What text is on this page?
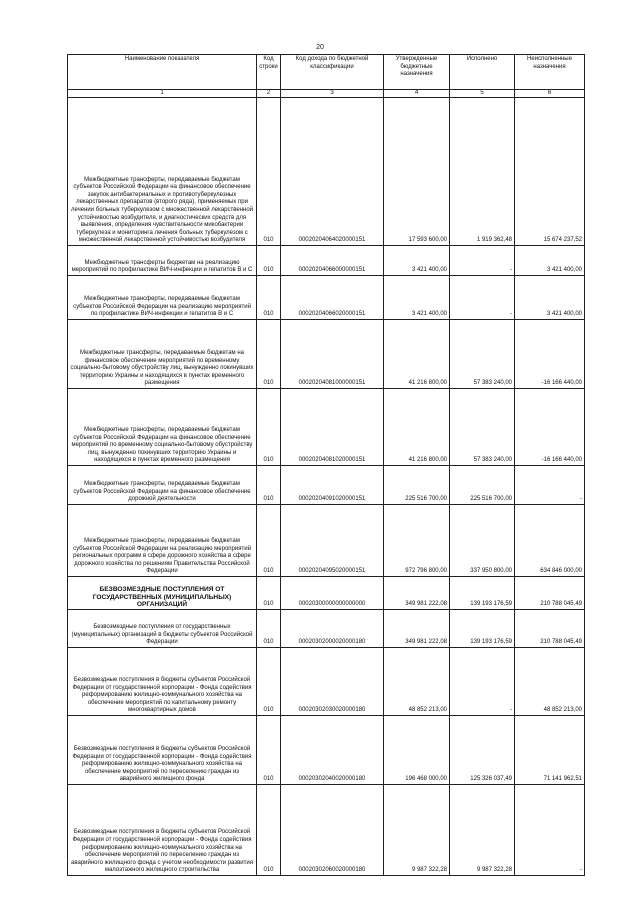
20
Наименование показателя	Код строки	Код дохода по бюджетной классификации	Утвержденные бюджетные назначения	Исполнено	Неисполненные назначения
1	2	3	4	5	6
Межбюджетные трансферты, передаваемые бюджетам субъектов Российской Федерации на финансовое обеспечение закупок антибактериальных и противотуберкулезных лекарственных препаратов (второго ряда), применяемых при лечении больных туберкулезом с множественной лекарственной устойчивостью возбудителя, и диагностических средств для выявления, определения чувствительности микобактерии туберкулеза и мониторинга лечения больных туберкулезом с множественной лекарственной устойчивостью возбудителя	010	00020204064020000151	17 593 600,00	1 919 362,48	15 674 237,52
Межбюджетные трансферты бюджетам на реализацию мероприятий по профилактике ВИЧ-инфекции и гепатитов B и C	010	00020204066000000151	3 421 400,00	-	3 421 400,00
Межбюджетные трансферты, передаваемые бюджетам субъектов Российской Федерации на реализацию мероприятий по профилактике ВИЧ-инфекции и гепатитов B и C	010	00020204066020000151	3 421 400,00	-	3 421 400,00
Межбюджетные трансферты, передаваемые бюджетам на финансовое обеспечение мероприятий по временному социально-бытовому обустройству лиц, вынужденно покинувших территорию Украины и находящихся в пунктах временного размещения	010	00020204081000000151	41 216 800,00	57 383 240,00	-16 166 440,00
Межбюджетные трансферты, передаваемые бюджетам субъектов Российской Федерации на финансовое обеспечение мероприятий по временному социально-бытовому обустройству лиц, вынужденно покинувших территорию Украины и находящихся в пунктах временного размещения	010	00020204081020000151	41 216 800,00	57 383 240,00	-16 166 440,00
Межбюджетные трансферты, передаваемые бюджетам субъектов Российской Федерации на финансовое обеспечение дорожной деятельности	010	00020204091020000151	225 516 700,00	225 516 700,00	-
Межбюджетные трансферты, передаваемые бюджетам субъектов Российской Федерации на реализацию мероприятий региональных программ в сфере дорожного хозяйства в сфере дорожного хозяйства по решениям Правительства Российской Федерации	010	00020204095020000151	972 796 800,00	337 950 800,00	634 846 000,00
БЕЗВОЗМЕЗДНЫЕ ПОСТУПЛЕНИЯ ОТ ГОСУДАРСТВЕННЫХ (МУНИЦИПАЛЬНЫХ) ОРГАНИЗАЦИЙ	010	00020300000000000000	349 981 222,08	139 193 176,59	210 788 045,49
Безвозмездные поступления от государственных (муниципальных) организаций в бюджеты субъектов Российской Федерации	010	00020302000020000180	349 981 222,08	139 193 176,59	210 788 045,49
Безвозмездные поступления в бюджеты субъектов Российской Федерации от государственной корпорации - Фонда содействия реформированию жилищно-коммунального хозяйства на обеспечение мероприятий по капитальному ремонту многоквартирных домов	010	00020302030020000180	48 852 213,00	-	48 852 213,00
Безвозмездные поступления в бюджеты субъектов Российской Федерации от государственной корпорации - Фонда содействия реформированию жилищно-коммунального хозяйства на обеспечение мероприятий по переселению граждан из аварийного жилищного фонда	010	00020302040020000180	196 468 000,00	125 326 037,49	71 141 962,51
Безвозмездные поступления в бюджеты субъектов Российской Федерации от государственной корпорации - Фонда содействия реформированию жилищно-коммунального хозяйства на обеспечение мероприятий по переселению граждан из аварийного жилищного фонда с учетом необходимости развития малоэтажного жилищного строительства	010	00020302060020000180	9 987 322,28	9 987 322,28	-
